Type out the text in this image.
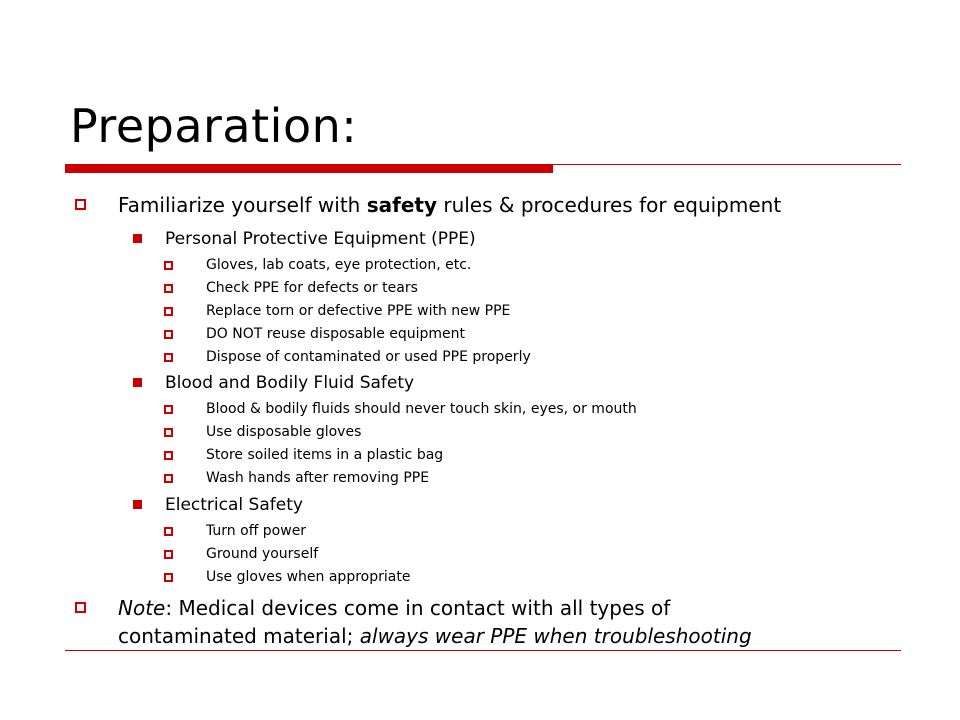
Preparation:
Familiarize yourself with safety rules & procedures for equipment
Personal Protective Equipment (PPE)
Gloves, lab coats, eye protection, etc.
Check PPE for defects or tears
Replace torn or defective PPE with new PPE
DO NOT reuse disposable equipment
Dispose of contaminated or used PPE properly
Blood and Bodily Fluid Safety
Blood & bodily fluids should never touch skin, eyes, or mouth
Use disposable gloves
Store soiled items in a plastic bag
Wash hands after removing PPE
Electrical Safety
Turn off power
Ground yourself
Use gloves when appropriate
Note: Medical devices come in contact with all types of
contaminated material; always wear PPE when troubleshooting
